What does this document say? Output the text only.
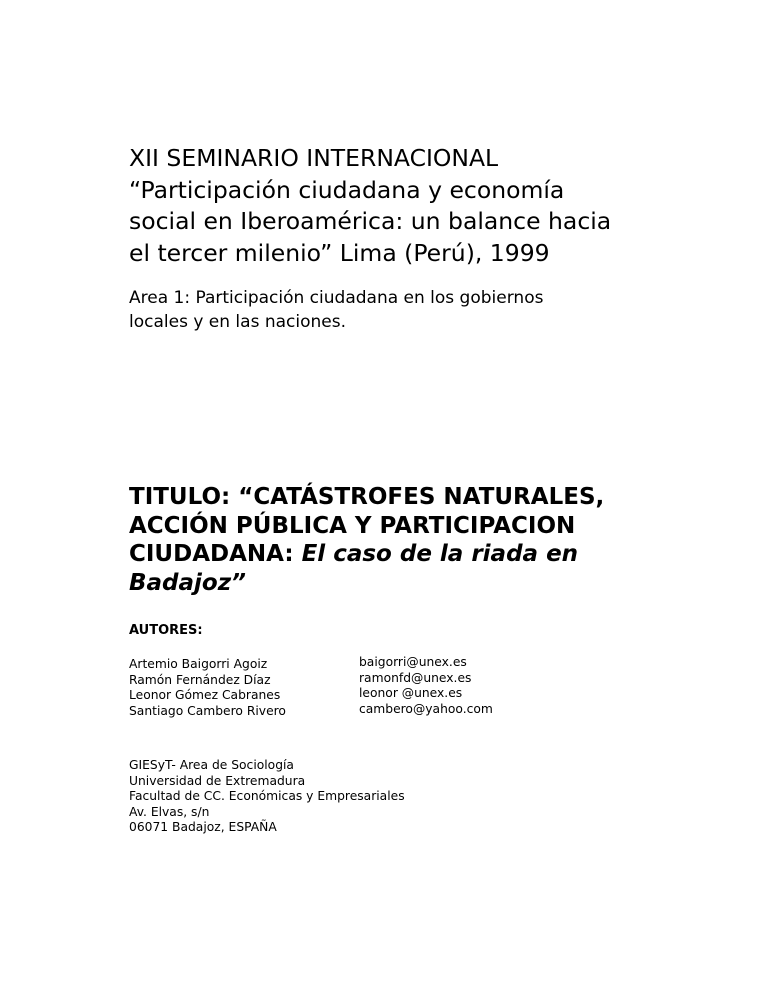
XII SEMINARIO INTERNACIONAL
“Participación ciudadana y economía
social en Iberoamérica: un balance hacia
el tercer milenio” Lima (Perú), 1999

Area 1: Participación ciudadana en los gobiernos
locales y en las naciones.

TITULO: “CATÁSTROFES NATURALES,
ACCIÓN PÚBLICA Y PARTICIPACION
CIUDADANA: El caso de la riada en
Badajoz”
AUTORES:
Artemio Baigorri Agoiz
Ramón Fernández Díaz
Leonor Gómez Cabranes
Santiago Cambero Rivero
baigorri@unex.es
ramonfd@unex.es
leonor @unex.es
cambero@yahoo.com
GIESyT- Area de Sociología
Universidad de Extremadura
Facultad de CC. Económicas y Empresariales
Av. Elvas, s/n
06071 Badajoz, ESPAÑA
